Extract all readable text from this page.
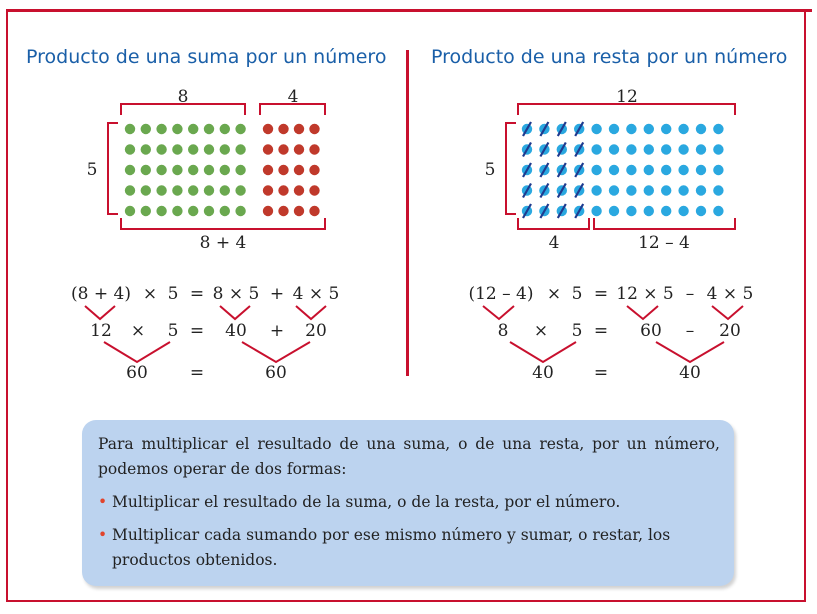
Producto de una suma por un número Producto de una resta por un número
8	4
5
8 + 4
12
5
4	12 – 4
(8 + 4) × 5 = 8 × 5 + 4 × 5
12 × 5 = 40 + 20
60 =	60
(12 – 4) × 5 = 12 × 5 – 4 × 5
8 × 5 = 60 – 20
40 =	40

Para multiplicar el resultado de una suma, o de una resta, por un número, podemos operar de dos formas:

• Multiplicar el resultado de la suma, o de la resta, por el número.
• Multiplicar cada sumando por ese mismo número y sumar, o restar, los productos obtenidos.
